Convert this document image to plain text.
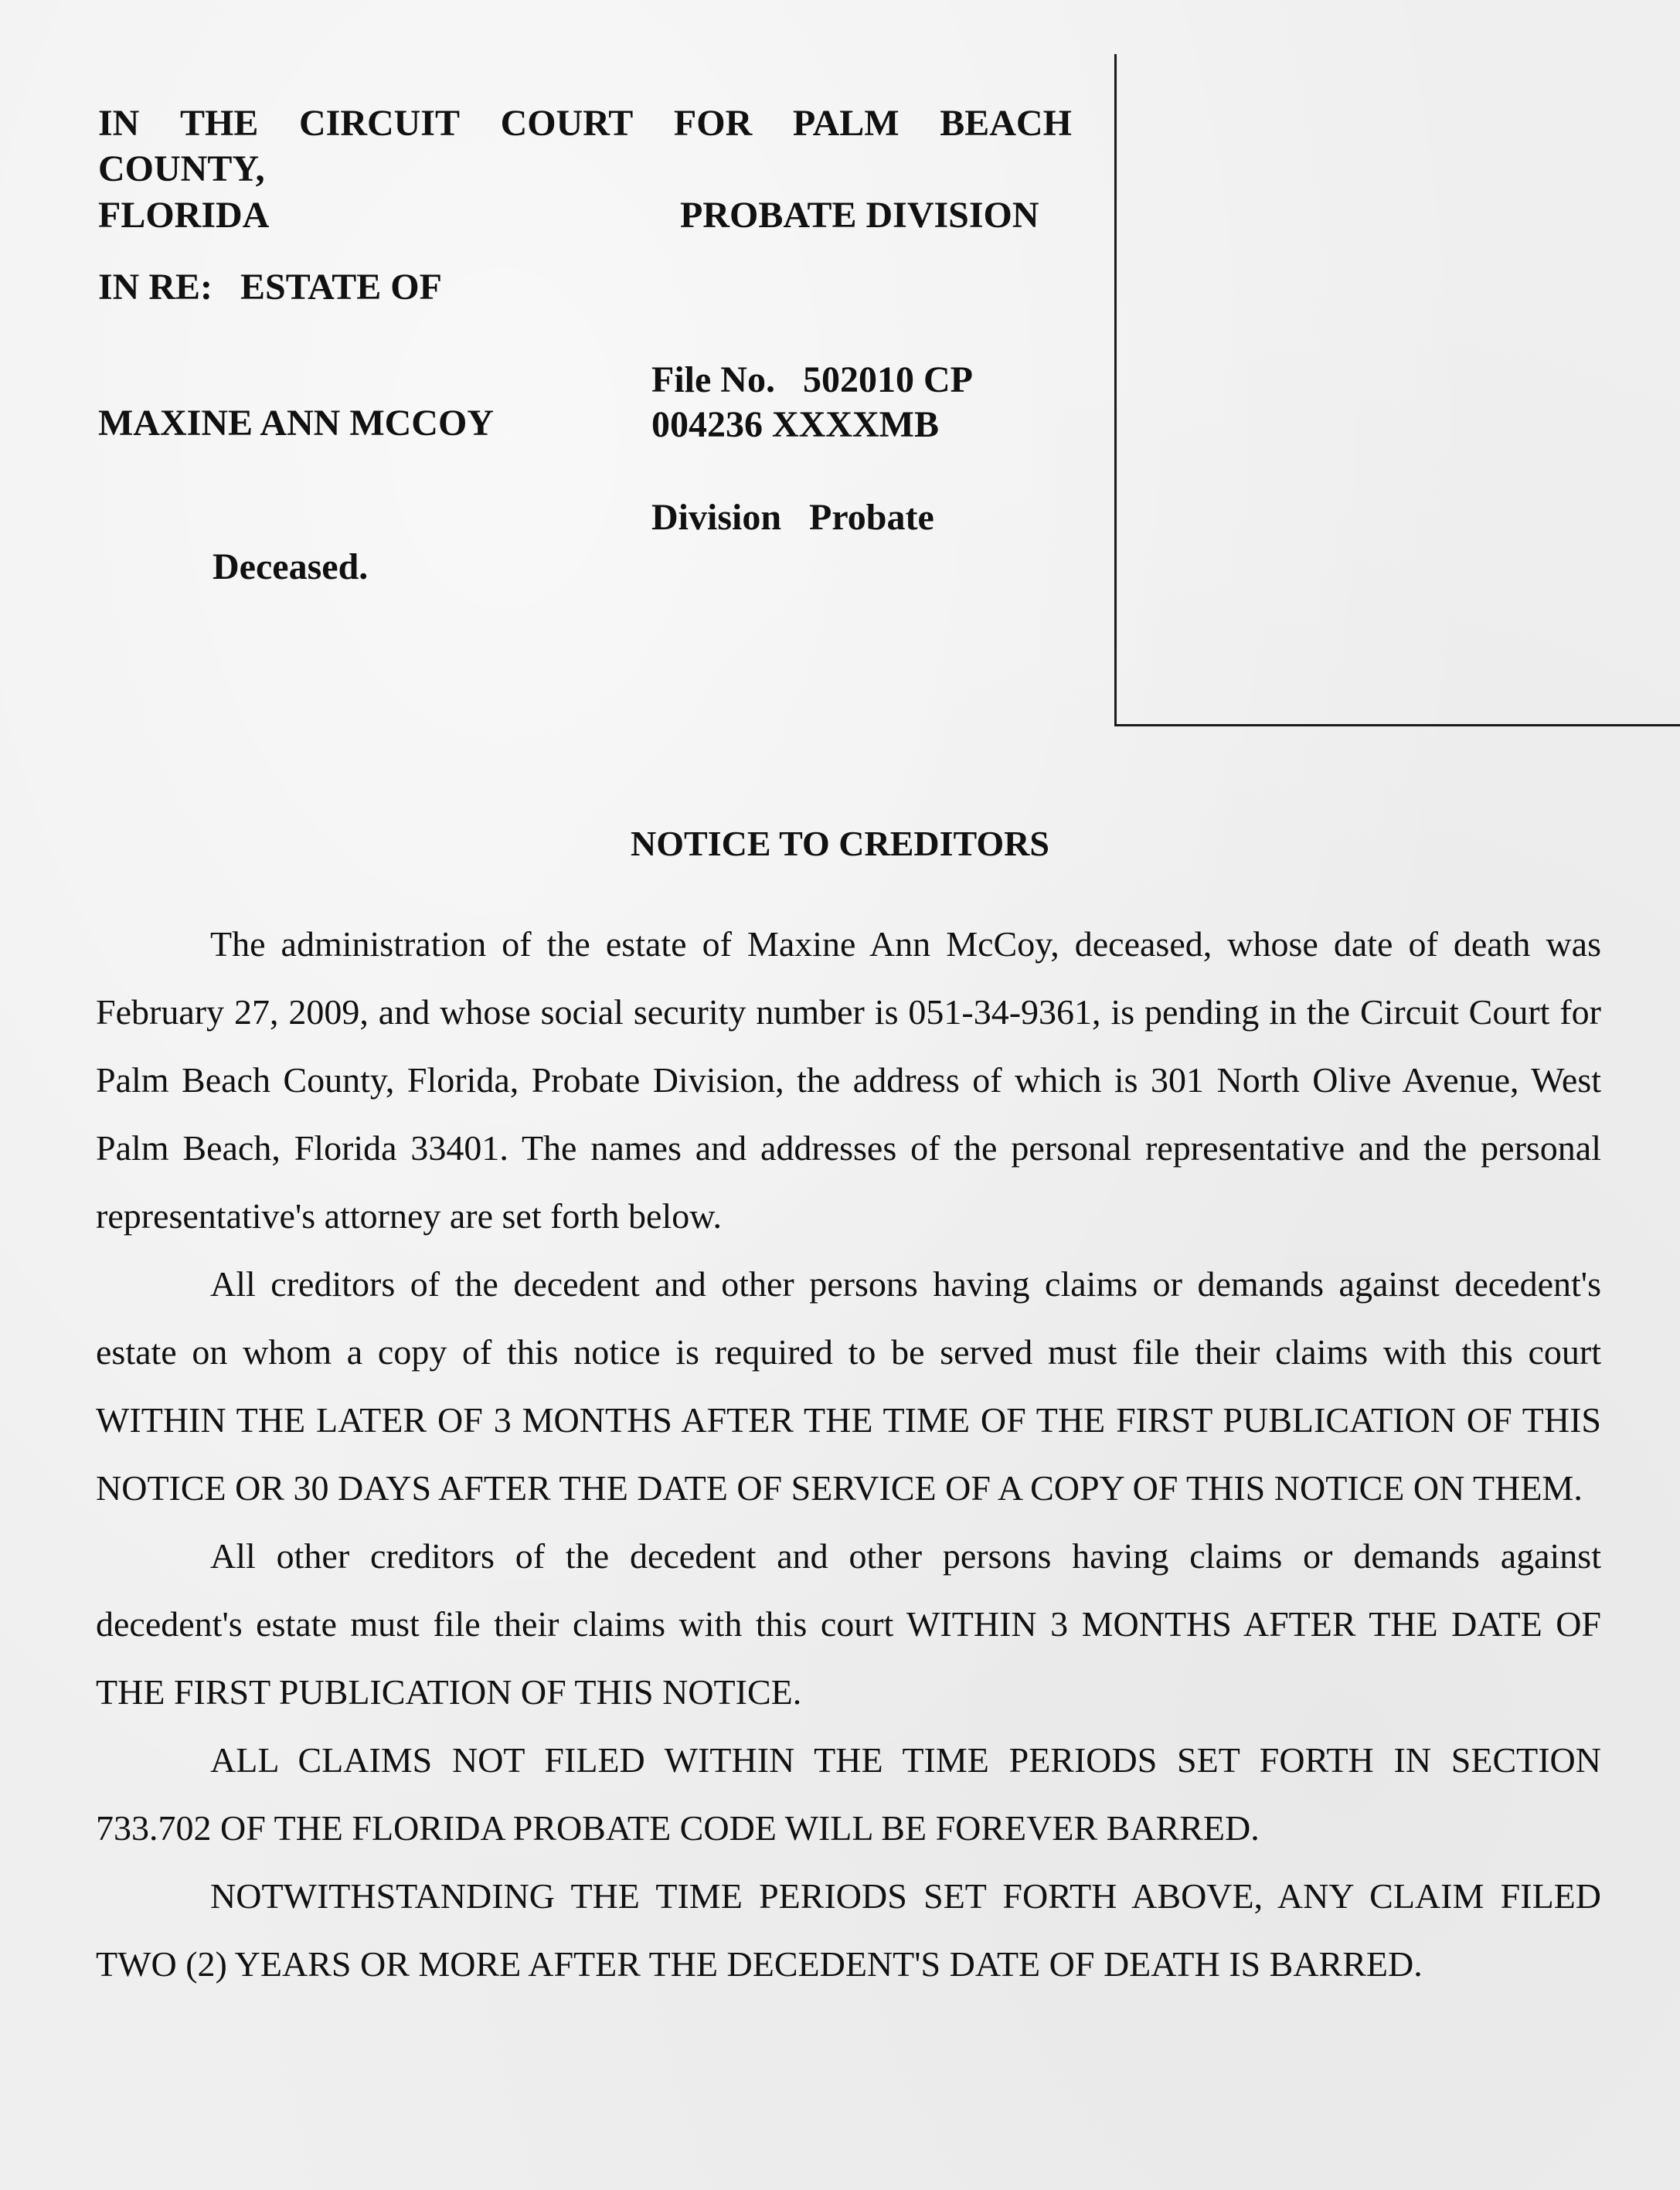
IN THE CIRCUIT COURT FOR PALM BEACH
COUNTY,
FLORIDA	PROBATE DIVISION
IN RE:   ESTATE OF
File No.   502010 CP
004236 XXXXMB
MAXINE ANN MCCOY
Division   Probate
Deceased.
NOTICE TO CREDITORS

The administration of the estate of Maxine Ann McCoy, deceased, whose date of death was February 27, 2009, and whose social security number is 051-34-9361, is pending in the Circuit Court for Palm Beach County, Florida, Probate Division, the address of which is 301 North Olive Avenue, West Palm Beach, Florida 33401. The names and addresses of the personal representative and the personal representative's attorney are set forth below.

All creditors of the decedent and other persons having claims or demands against decedent's estate on whom a copy of this notice is required to be served must file their claims with this court WITHIN THE LATER OF 3 MONTHS AFTER THE TIME OF THE FIRST PUBLICATION OF THIS NOTICE OR 30 DAYS AFTER THE DATE OF SERVICE OF A COPY OF THIS NOTICE ON THEM.

All other creditors of the decedent and other persons having claims or demands against decedent's estate must file their claims with this court WITHIN 3 MONTHS AFTER THE DATE OF THE FIRST PUBLICATION OF THIS NOTICE.

ALL CLAIMS NOT FILED WITHIN THE TIME PERIODS SET FORTH IN SECTION 733.702 OF THE FLORIDA PROBATE CODE WILL BE FOREVER BARRED.

NOTWITHSTANDING THE TIME PERIODS SET FORTH ABOVE, ANY CLAIM FILED TWO (2) YEARS OR MORE AFTER THE DECEDENT'S DATE OF DEATH IS BARRED.
